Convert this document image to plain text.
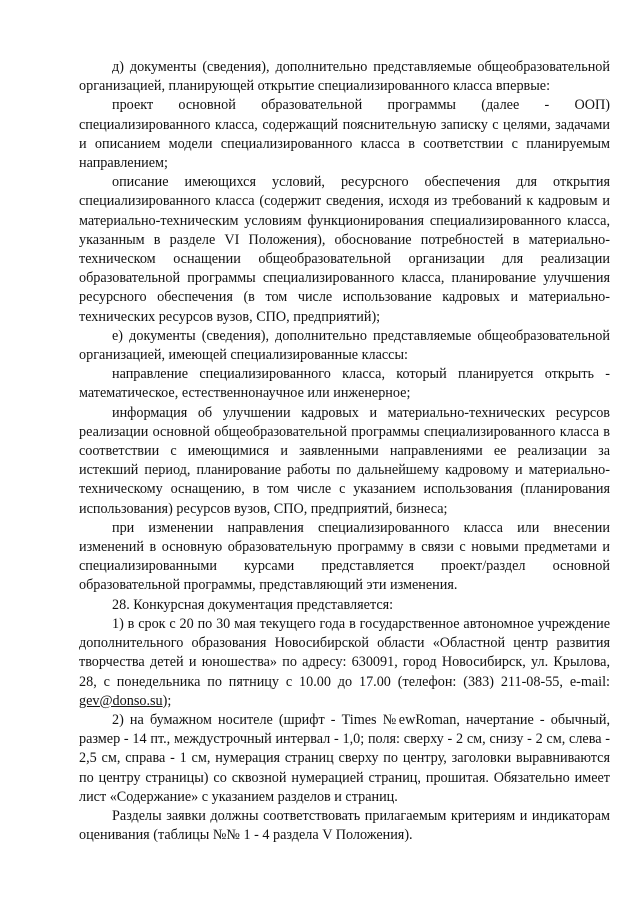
д) документы (сведения), дополнительно представляемые общеобразовательной организацией, планирующей открытие специализированного класса впервые:

проект основной образовательной программы (далее - ООП) специализированного класса, содержащий пояснительную записку с целями, задачами и описанием модели специализированного класса в соответствии с планируемым направлением;

описание имеющихся условий, ресурсного обеспечения для открытия специализированного класса (содержит сведения, исходя из требований к кадровым и материально-техническим условиям функционирования специализированного класса, указанным в разделе VI Положения), обоснование потребностей в материально-техническом оснащении общеобразовательной организации для реализации образовательной программы специализированного класса, планирование улучшения ресурсного обеспечения (в том числе использование кадровых и материально-технических ресурсов вузов, СПО, предприятий);

е) документы (сведения), дополнительно представляемые общеобразовательной организацией, имеющей специализированные классы:

направление специализированного класса, который планируется открыть - математическое, естественнонаучное или инженерное;

информация об улучшении кадровых и материально-технических ресурсов реализации основной общеобразовательной программы специализированного класса в соответствии с имеющимися и заявленными направлениями ее реализации за истекший период, планирование работы по дальнейшему кадровому и материально-техническому оснащению, в том числе с указанием использования (планирования использования) ресурсов вузов, СПО, предприятий, бизнеса;

при изменении направления специализированного класса или внесении изменений в основную образовательную программу в связи с новыми предметами и специализированными курсами представляется проект/раздел основной образовательной программы, представляющий эти изменения.

28. Конкурсная документация представляется:

1) в срок с 20 по 30 мая текущего года в государственное автономное учреждение дополнительного образования Новосибирской области «Областной центр развития творчества детей и юношества» по адресу: 630091, город Новосибирск, ул. Крылова, 28, с понедельника по пятницу с 10.00 до 17.00 (телефон: (383) 211-08-55, e-mail: gev@donso.su);

2) на бумажном носителе (шрифт - Times №ewRoman, начертание - обычный, размер - 14 пт., междустрочный интервал - 1,0; поля: сверху - 2 см, снизу - 2 см, слева - 2,5 см, справа - 1 см, нумерация страниц сверху по центру, заголовки выравниваются по центру страницы) со сквозной нумерацией страниц, прошитая. Обязательно имеет лист «Содержание» с указанием разделов и страниц.

Разделы заявки должны соответствовать прилагаемым критериям и индикаторам оценивания (таблицы №№ 1 - 4 раздела V Положения).
